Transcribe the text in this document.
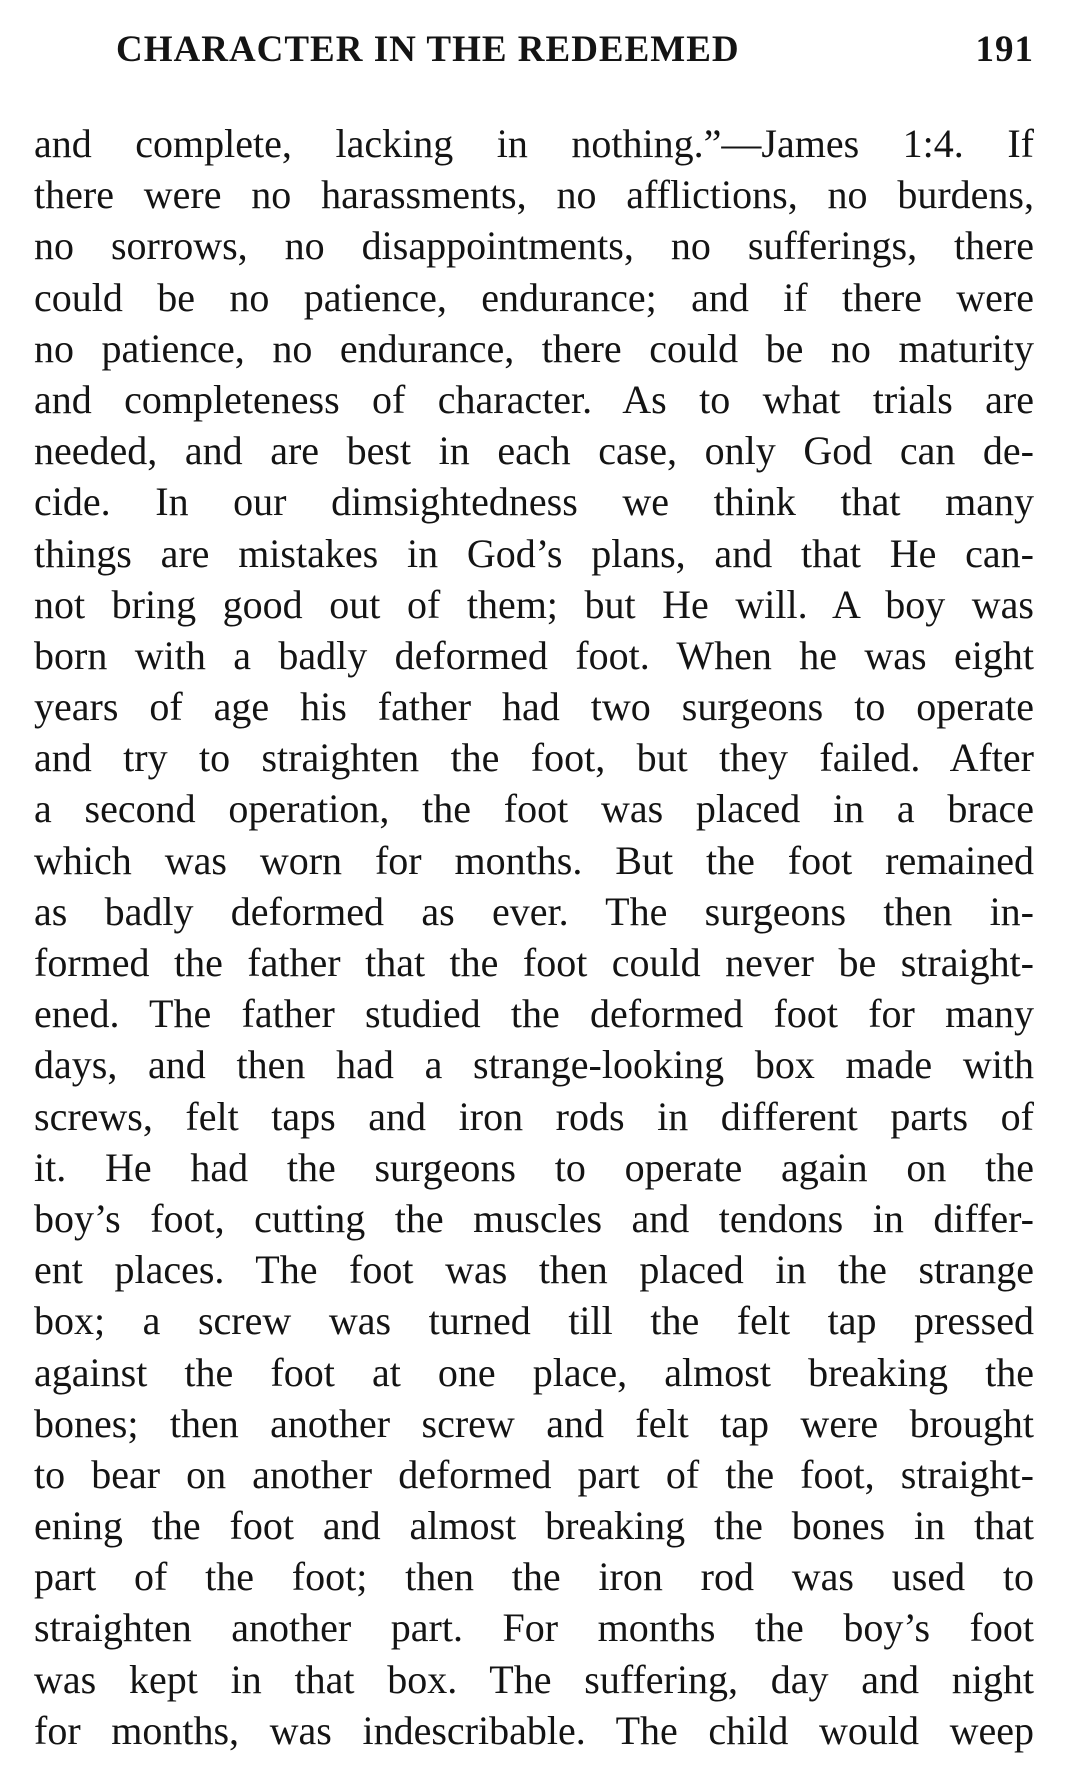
CHARACTER IN THE REDEEMED	191
and complete, lacking in nothing.”—James 1:4. If
there were no harassments, no afflictions, no burdens,
no sorrows, no disappointments, no sufferings, there
could be no patience, endurance; and if there were
no patience, no endurance, there could be no maturity
and completeness of character. As to what trials are
needed, and are best in each case, only God can de-
cide. In our dimsightedness we think that many
things are mistakes in God’s plans, and that He can-
not bring good out of them; but He will. A boy was
born with a badly deformed foot. When he was eight
years of age his father had two surgeons to operate
and try to straighten the foot, but they failed. After
a second operation, the foot was placed in a brace
which was worn for months. But the foot remained
as badly deformed as ever. The surgeons then in-
formed the father that the foot could never be straight-
ened. The father studied the deformed foot for many
days, and then had a strange-looking box made with
screws, felt taps and iron rods in different parts of
it. He had the surgeons to operate again on the
boy’s foot, cutting the muscles and tendons in differ-
ent places. The foot was then placed in the strange
box; a screw was turned till the felt tap pressed
against the foot at one place, almost breaking the
bones; then another screw and felt tap were brought
to bear on another deformed part of the foot, straight-
ening the foot and almost breaking the bones in that
part of the foot; then the iron rod was used to
straighten another part. For months the boy’s foot
was kept in that box. The suffering, day and night
for months, was indescribable. The child would weep
